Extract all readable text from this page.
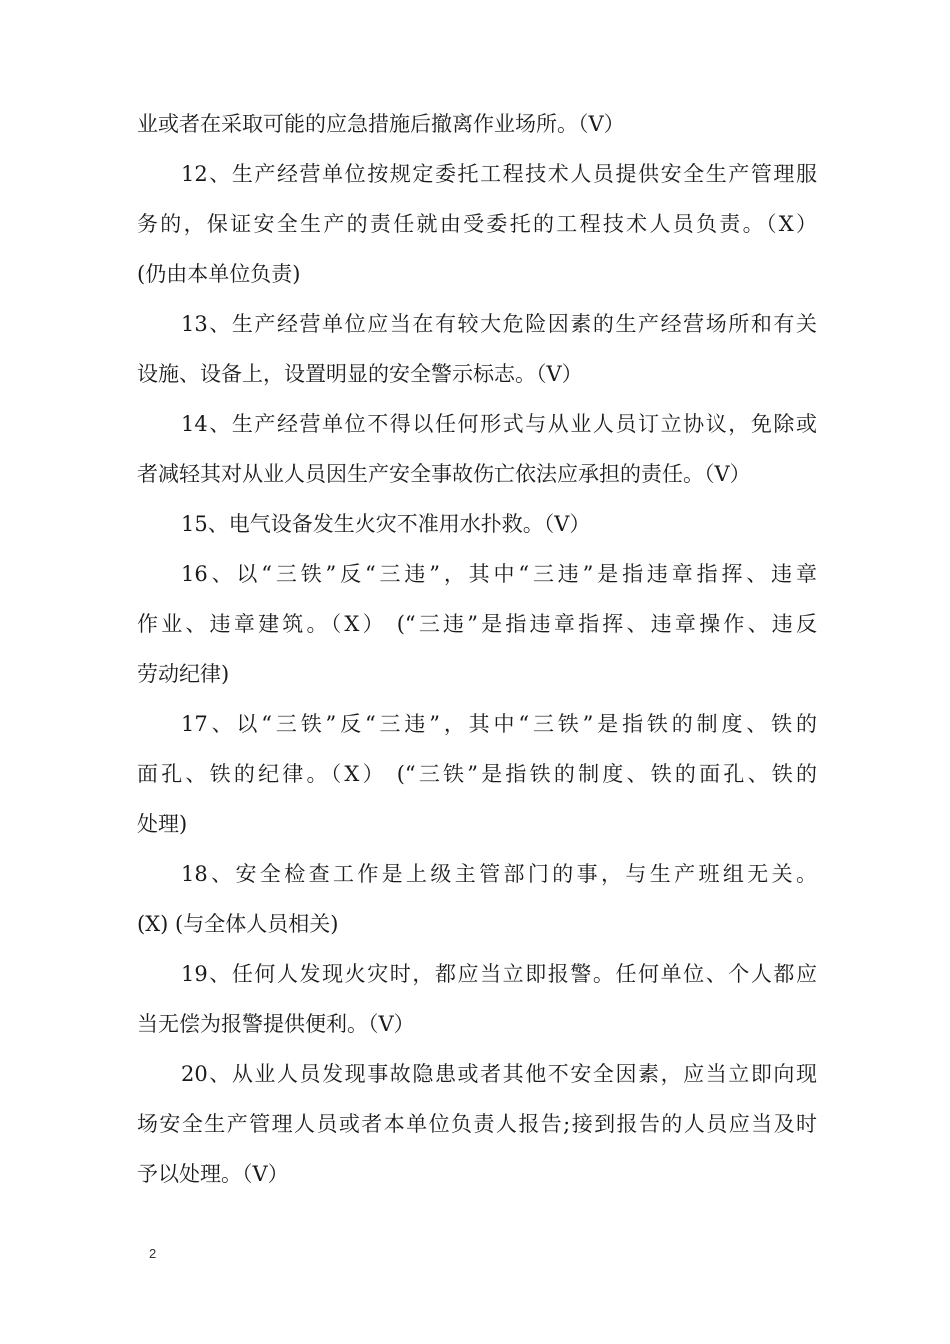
业或者在采取可能的应急措施后撤离作业场所。（V）
12、生产经营单位按规定委托工程技术人员提供安全生产管理服
务的，保证安全生产的责任就由受委托的工程技术人员负责。（X）
(仍由本单位负责)
13、生产经营单位应当在有较大危险因素的生产经营场所和有关
设施、设备上，设置明显的安全警示标志。（V）
14、生产经营单位不得以任何形式与从业人员订立协议，免除或
者减轻其对从业人员因生产安全事故伤亡依法应承担的责任。（V）
15、电气设备发生火灾不准用水扑救。（V）
16、以“三铁”反“三违”，其中“三违”是指违章指挥、违章
作业、违章建筑。（X） (“三违”是指违章指挥、违章操作、违反
劳动纪律)
17、以“三铁”反“三违”，其中“三铁”是指铁的制度、铁的
面孔、铁的纪律。（X） (“三铁”是指铁的制度、铁的面孔、铁的
处理)
18、安全检查工作是上级主管部门的事，与生产班组无关。
(X) (与全体人员相关)
19、任何人发现火灾时，都应当立即报警。任何单位、个人都应
当无偿为报警提供便利。（V）
20、从业人员发现事故隐患或者其他不安全因素，应当立即向现
场安全生产管理人员或者本单位负责人报告;接到报告的人员应当及时
予以处理。（V）
2
